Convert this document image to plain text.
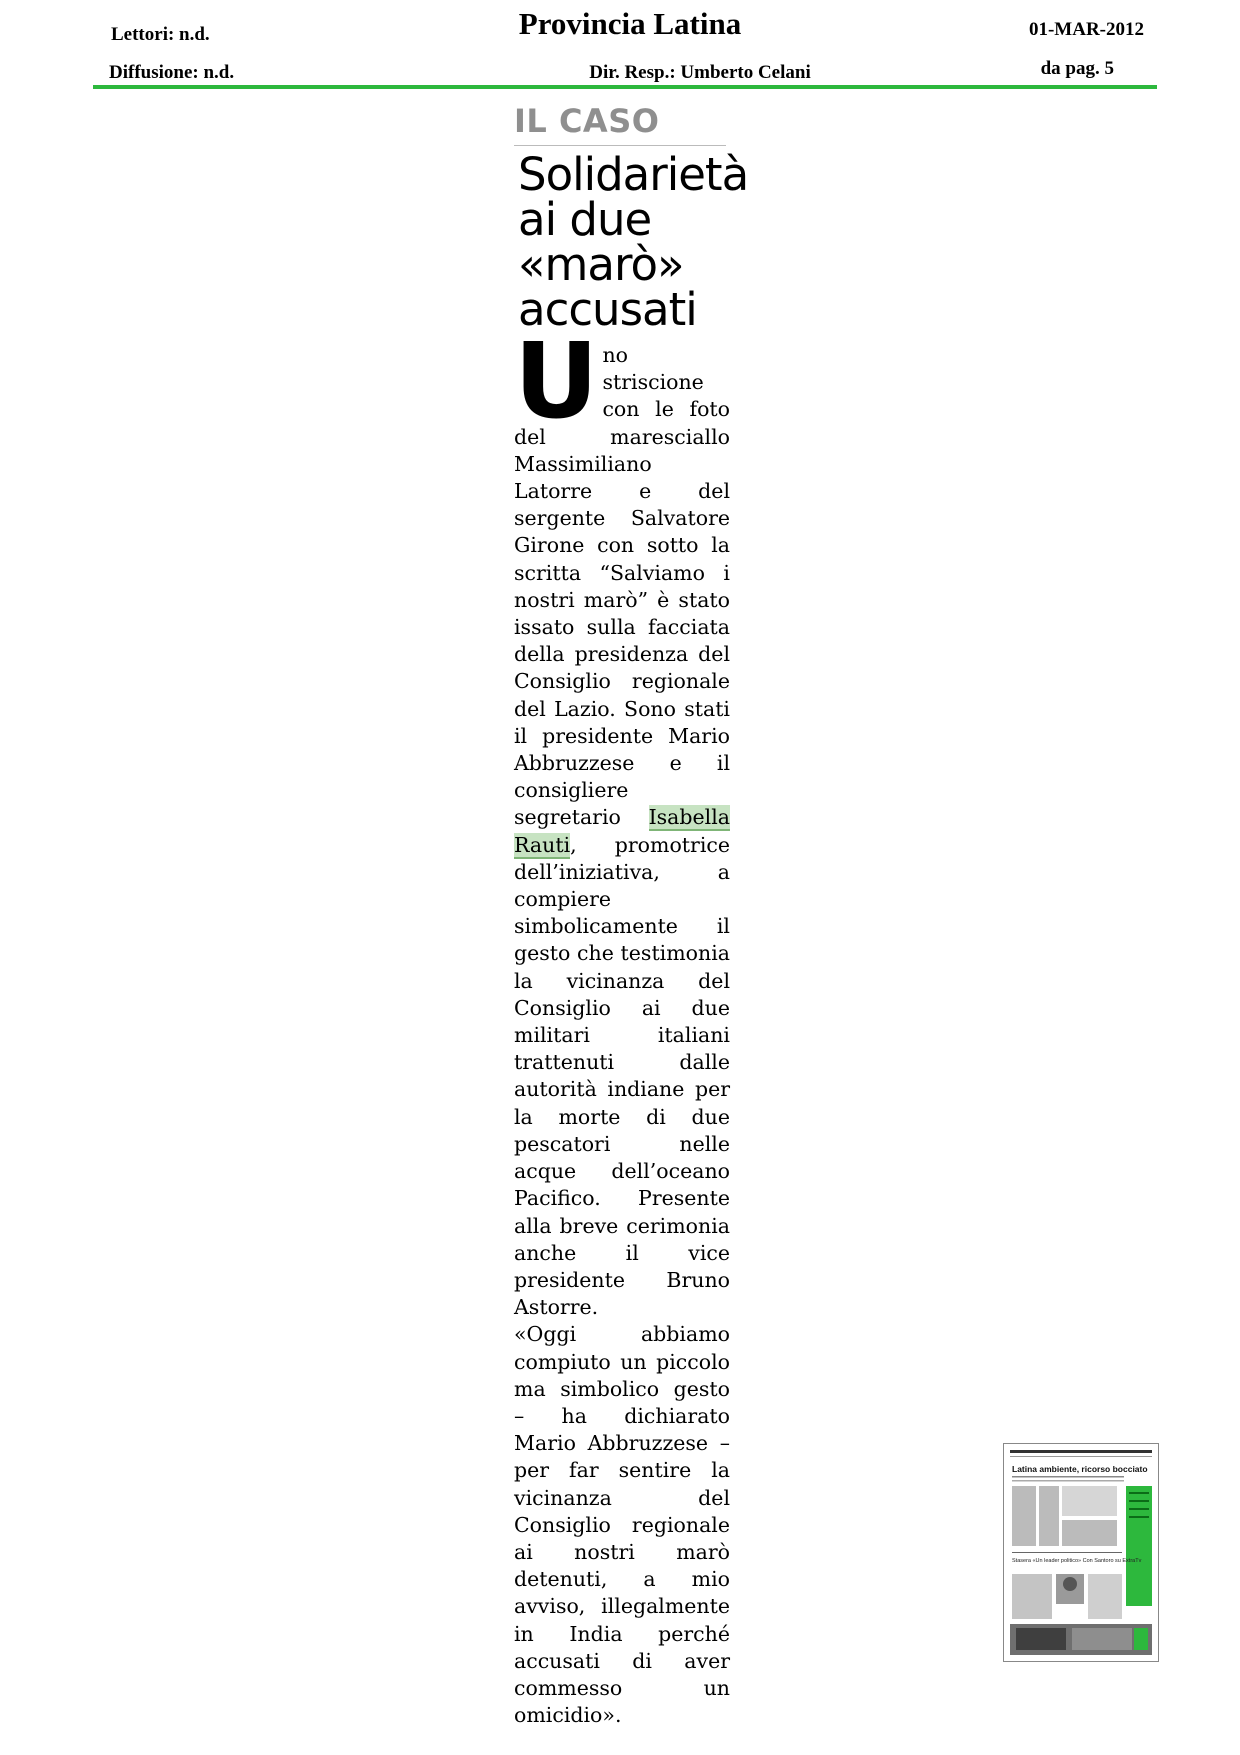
Lettori: n.d.
Diffusione: n.d.
Provincia Latina
Dir. Resp.: Umberto Celani
01-MAR-2012
da pag. 5
IL CASO
Solidarietà
ai due
«marò»
accusati

Uno striscione con le foto del maresciallo Massimiliano Latorre e del sergente Salvatore Girone con sotto la scritta “Salviamo i nostri marò” è stato issato sulla facciata della presidenza del Consiglio regionale del Lazio. Sono stati il presidente Mario Abbruzzese e il consigliere segretario Isabella Rauti, promotrice dell’iniziativa, a compiere simbolicamente il gesto che testimonia la vicinanza del Consiglio ai due militari italiani trattenuti dalle autorità indiane per la morte di due pescatori nelle acque dell’oceano Pacifico. Presente alla breve cerimonia anche il vice presidente Bruno Astorre.

«Oggi abbiamo compiuto un piccolo ma simbolico gesto – ha dichiarato Mario Abbruzzese – per far sentire la vicinanza del Consiglio regionale ai nostri marò detenuti, a mio avviso, illegalmente in India perché accusati di aver commesso un omicidio».

Latina ambiente, ricorso bocciato
Stasera «Un leader politico» Con Santoro su ExtraTv
